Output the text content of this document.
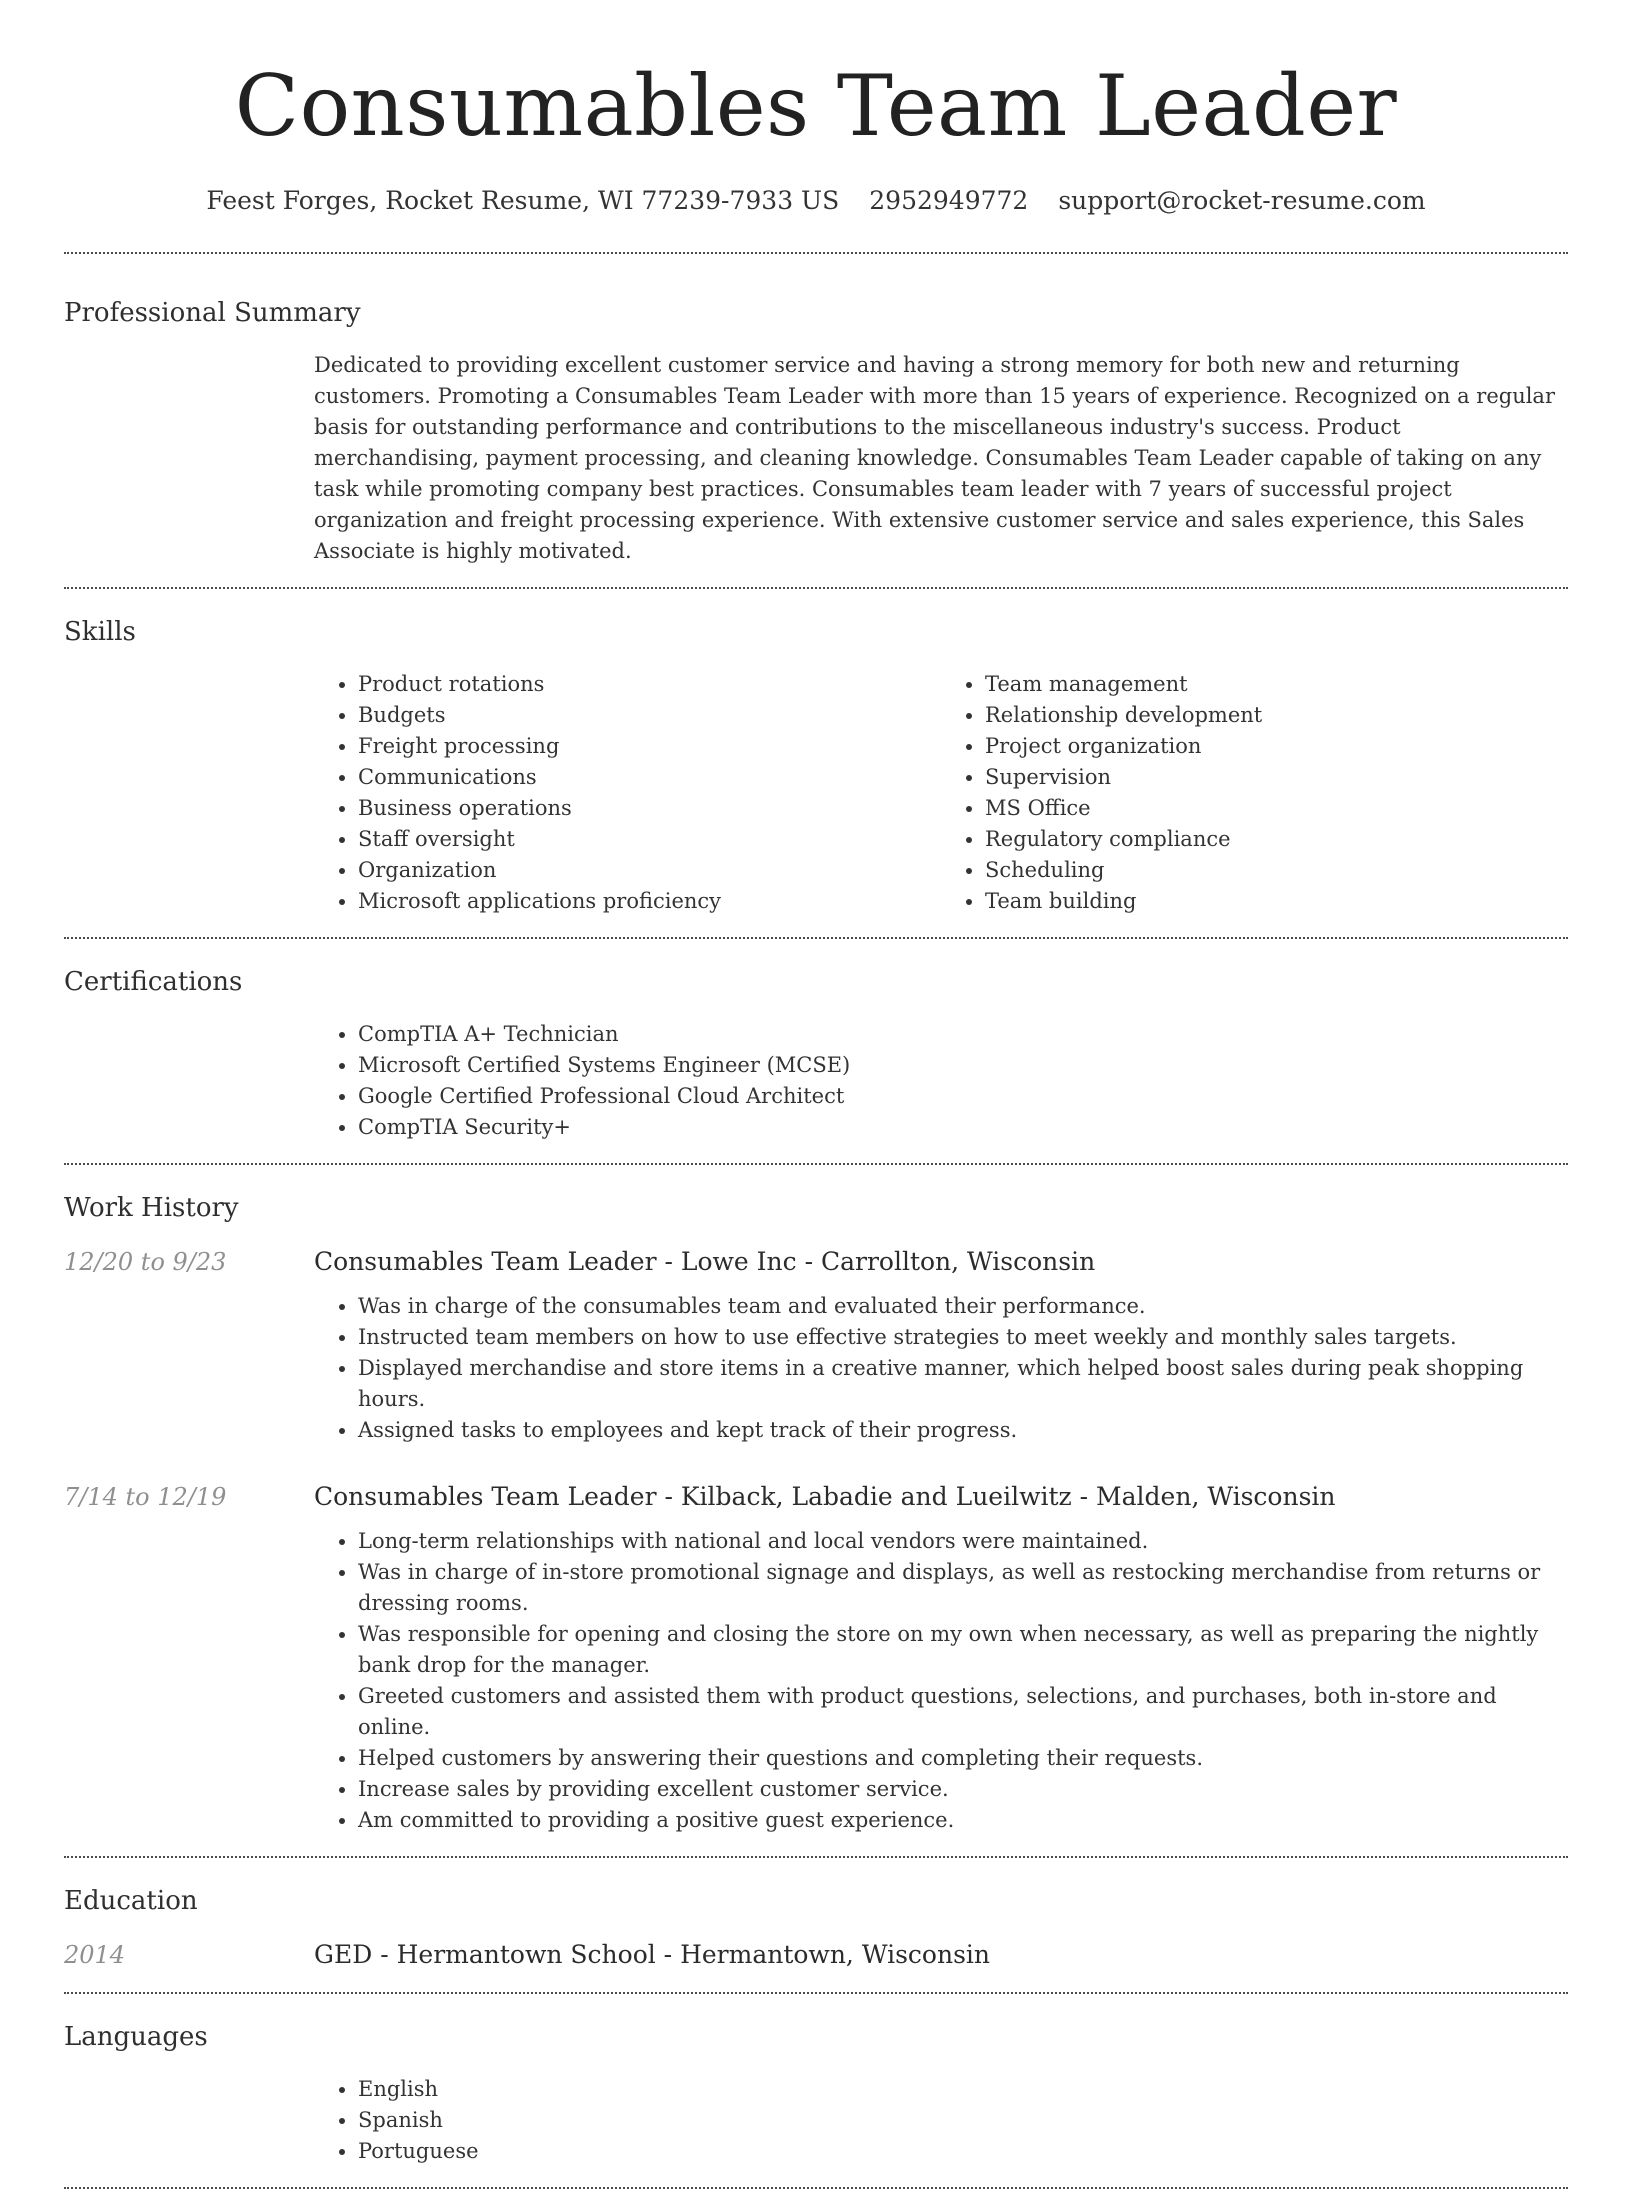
Consumables Team Leader
Feest Forges, Rocket Resume, WI 77239-7933 US 2952949772 support@rocket-resume.com
Professional Summary
Dedicated to providing excellent customer service and having a strong memory for both new and returning customers. Promoting a Consumables Team Leader with more than 15 years of experience. Recognized on a regular basis for outstanding performance and contributions to the miscellaneous industry's success. Product merchandising, payment processing, and cleaning knowledge. Consumables Team Leader capable of taking on any task while promoting company best practices. Consumables team leader with 7 years of successful project organization and freight processing experience. With extensive customer service and sales experience, this Sales Associate is highly motivated.
Skills
• Product rotations
• Budgets
• Freight processing
• Communications
• Business operations
• Staff oversight
• Organization
• Microsoft applications proficiency
• Team management
• Relationship development
• Project organization
• Supervision
• MS Office
• Regulatory compliance
• Scheduling
• Team building
Certifications
• CompTIA A+ Technician
• Microsoft Certified Systems Engineer (MCSE)
• Google Certified Professional Cloud Architect
• CompTIA Security+
Work History
12/20 to 9/23	Consumables Team Leader - Lowe Inc - Carrollton, Wisconsin
• Was in charge of the consumables team and evaluated their performance.
• Instructed team members on how to use effective strategies to meet weekly and monthly sales targets.
• Displayed merchandise and store items in a creative manner, which helped boost sales during peak shopping hours.
• Assigned tasks to employees and kept track of their progress.
7/14 to 12/19	Consumables Team Leader - Kilback, Labadie and Lueilwitz - Malden, Wisconsin
• Long-term relationships with national and local vendors were maintained.
• Was in charge of in-store promotional signage and displays, as well as restocking merchandise from returns or dressing rooms.
• Was responsible for opening and closing the store on my own when necessary, as well as preparing the nightly bank drop for the manager.
• Greeted customers and assisted them with product questions, selections, and purchases, both in-store and online.
• Helped customers by answering their questions and completing their requests.
• Increase sales by providing excellent customer service.
• Am committed to providing a positive guest experience.
Education
2014	GED - Hermantown School - Hermantown, Wisconsin
Languages
• English
• Spanish
• Portuguese
